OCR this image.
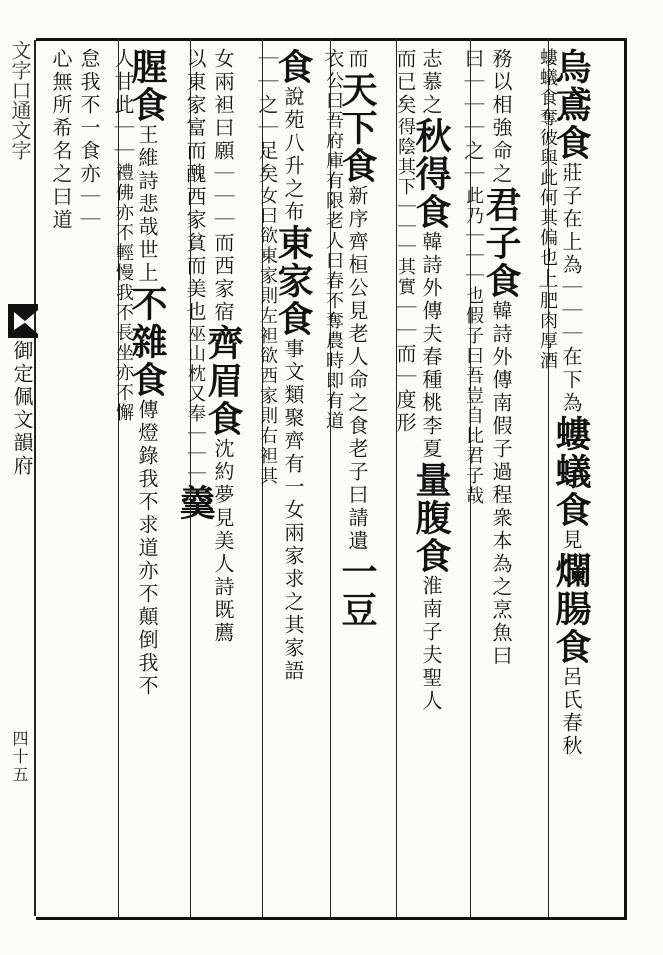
文字口通文字
御定佩文韻府
四十五
烏鳶食莊子在上為｜｜｜在下為螻蟻食見爛腸食呂氏春秋
螻蟻食奪彼與此何其偏也上肥肉厚酒
務以相強命之君子食韓詩外傳南假子過程衆本為之烹魚曰
曰｜｜｜之｜此乃｜｜｜也假子曰吾豈自比君子哉
志慕之秋得食韓詩外傳夫春種桃李夏量腹食淮南子夫聖人
而已矣得陰其下｜｜｜其實｜｜而｜度形
而天下食新序齊桓公見老人命之食老子曰請遺一豆
衣公曰吾府庫有限老人曰春不奪農時即有道
食說苑八升之布東家食事文類聚齊有一女兩家求之其家語
｜｜之｜足矣女曰欲東家則左袒欲西家則右袒其
女兩袒曰願｜｜｜而西家宿齊眉食沈約夢見美人詩既薦
以東家富而醜西家貧而美也巫山枕又奉｜｜｜羹
腥食王維詩悲哉世上不雜食傳燈錄我不求道亦不顛倒我不
人甘此｜｜禮佛亦不輕慢我不長坐亦不懈
怠我不一食亦｜｜
心無所希名之曰道
